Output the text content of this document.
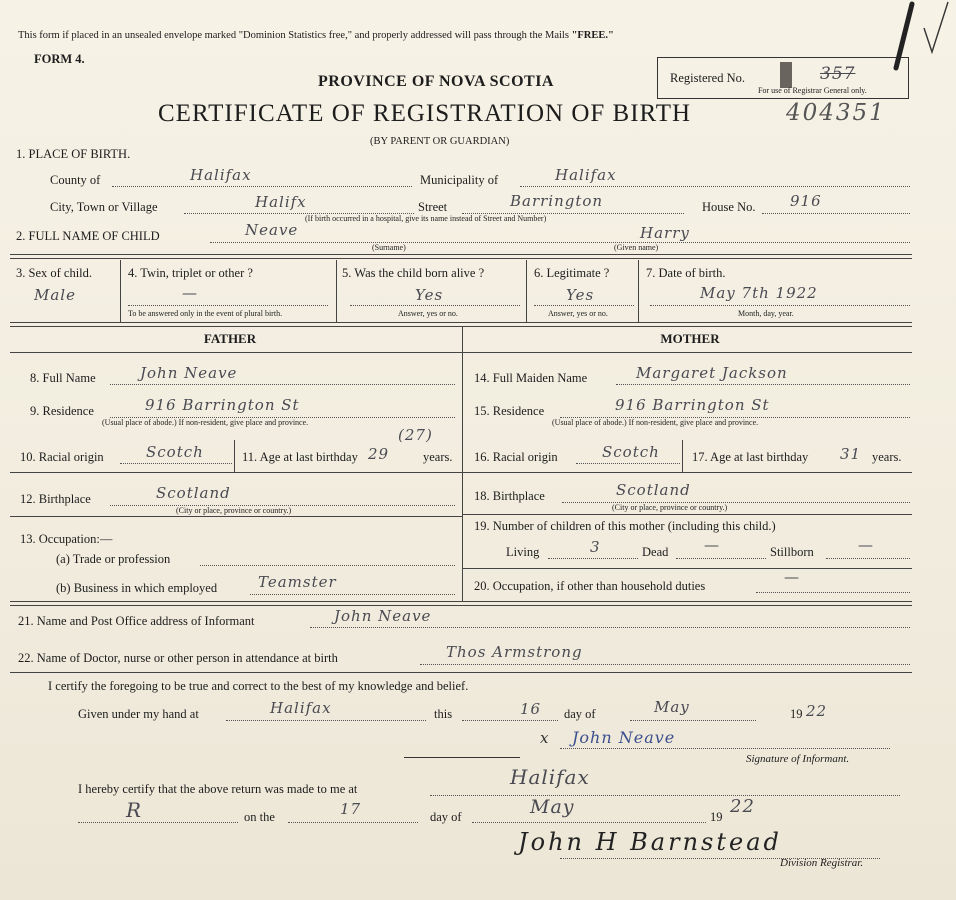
This form if placed in an unsealed envelope marked "Dominion Statistics free," and properly addressed will pass through the Mails "FREE."
FORM 4.
PROVINCE OF NOVA SCOTIA
CERTIFICATE OF REGISTRATION OF BIRTH
(BY PARENT OR GUARDIAN)
Registered No.	357
For use of Registrar General only.
404351
1. PLACE OF BIRTH.
County of	Halifax	Municipality of	Halifax
City, Town or Village	Halifx	Street	Barrington	House No. 916
(If birth occurred in a hospital, give its name instead of Street and Number)
2. FULL NAME OF CHILD	Neave	Harry
(Surname)	(Given name)
3. Sex of child.
Male
4. Twin, triplet or other ?
—
To be answered only in the event of plural birth.
5. Was the child born alive ?
Yes
Answer, yes or no.
6. Legitimate ?
Yes
Answer, yes or no.
7. Date of birth.
May 7th 1922
Month, day, year.
FATHER	MOTHER
8. Full Name	John Neave
9. Residence	916 Barrington St
(Usual place of abode.) If non-resident, give place and province.
10. Racial origin	Scotch	11. Age at last birthday 29
(27)
years.
12. Birthplace	Scotland
(City or place, province or country.)
13. Occupation:—
(a) Trade or profession
(b) Business in which employed	Teamster
14. Full Maiden Name	Margaret Jackson
15. Residence	916 Barrington St
(Usual place of abode.) If non-resident, give place and province.
16. Racial origin	Scotch	17. Age at last birthday 31 years.
18. Birthplace	Scotland
(City or place, province or country.)
19. Number of children of this mother (including this child.)
Living	3	Dead —	Stillborn	—
20. Occupation, if other than household duties	—
21. Name and Post Office address of Informant	John Neave
22. Name of Doctor, nurse or other person in attendance at birth	Thos Armstrong
I certify the foregoing to be true and correct to the best of my knowledge and belief.
Given under my hand at	Halifax	this	16 day of	May	19 22
x John Neave
Signature of Informant.
I hereby certify that the above return was made to me at	Halifax
R	on the	17	day of	May	19 22
John H Barnstead
Division Registrar.
